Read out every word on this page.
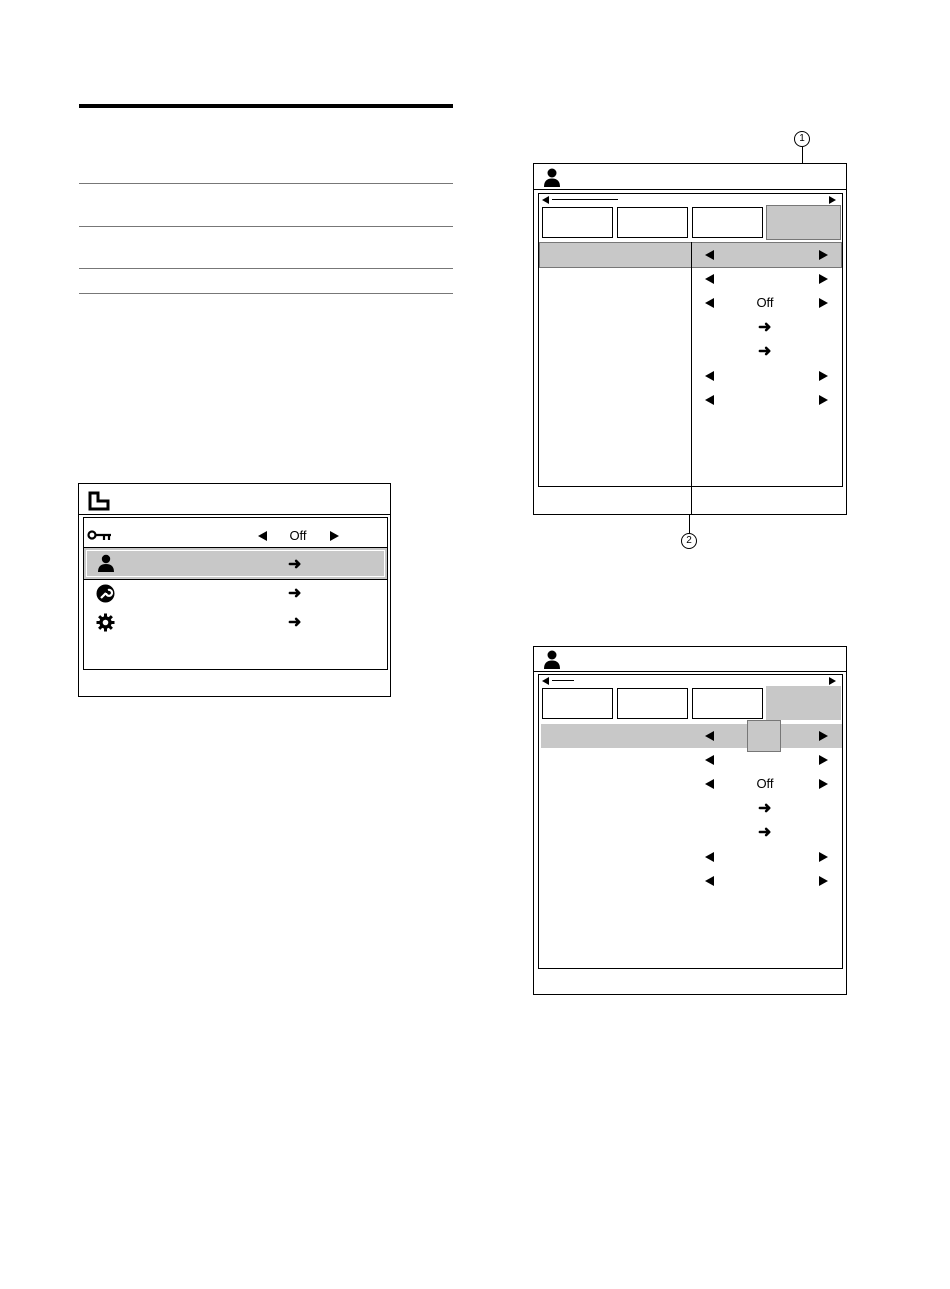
Off
➜
➜
➜
1
Off
➜
➜
2
Off
➜
➜
